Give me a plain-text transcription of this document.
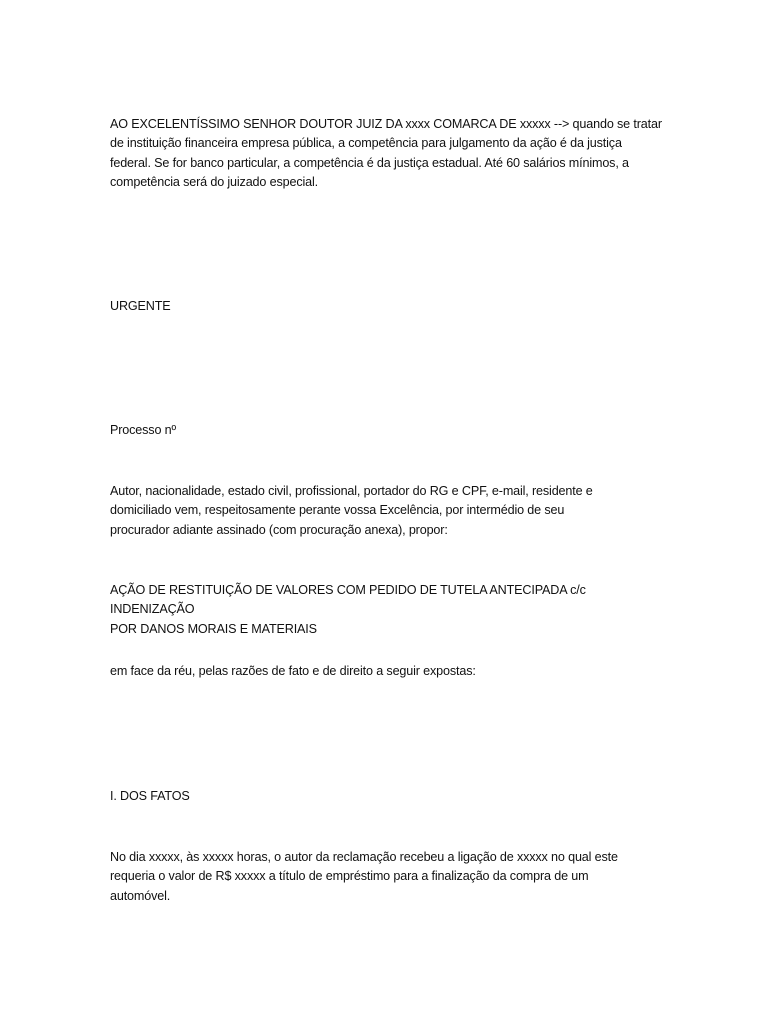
AO EXCELENTÍSSIMO SENHOR DOUTOR JUIZ DA xxxx COMARCA DE xxxxx --> quando se tratar
de instituição financeira empresa pública, a competência para julgamento da ação é da justiça
federal. Se for banco particular, a competência é da justiça estadual. Até 60 salários mínimos, a
competência será do juizado especial.

URGENTE

Processo nº

Autor, nacionalidade, estado civil, profissional, portador do RG e CPF, e-mail, residente e
domiciliado vem, respeitosamente perante vossa Excelência, por intermédio de seu
procurador adiante assinado (com procuração anexa), propor:

AÇÃO DE RESTITUIÇÃO DE VALORES COM PEDIDO DE TUTELA ANTECIPADA c/c INDENIZAÇÃO
POR DANOS MORAIS E MATERIAIS

em face da réu, pelas razões de fato e de direito a seguir expostas:

I. DOS FATOS

No dia xxxxx, às xxxxx horas, o autor da reclamação recebeu a ligação de xxxxx no qual este
requeria o valor de R$ xxxxx a título de empréstimo para a finalização da compra de um
automóvel.
